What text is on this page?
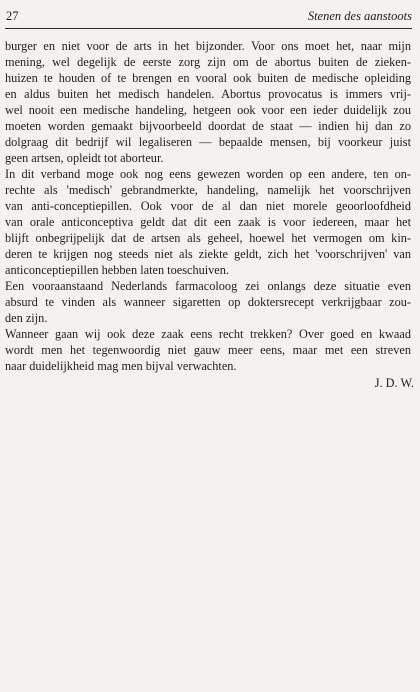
27	Stenen des aanstoots
burger en niet voor de arts in het bijzonder. Voor ons moet het, naar mijn
mening, wel degelijk de eerste zorg zijn om de abortus buiten de zieken-
huizen te houden of te brengen en vooral ook buiten de medische opleiding
en aldus buiten het medisch handelen. Abortus provocatus is immers vrij-
wel nooit een medische handeling, hetgeen ook voor een ieder duidelijk zou
moeten worden gemaakt bijvoorbeeld doordat de staat — indien hij dan zo
dolgraag dit bedrijf wil legaliseren — bepaalde mensen, bij voorkeur juist
geen artsen, opleidt tot aborteur.
In dit verband moge ook nog eens gewezen worden op een andere, ten on-
rechte als 'medisch' gebrandmerkte, handeling, namelijk het voorschrijven
van anti-conceptiepillen. Ook voor de al dan niet morele geoorloofdheid
van orale anticonceptiva geldt dat dit een zaak is voor iedereen, maar het
blijft onbegrijpelijk dat de artsen als geheel, hoewel het vermogen om kin-
deren te krijgen nog steeds niet als ziekte geldt, zich het 'voorschrijven' van
anticonceptiepillen hebben laten toeschuiven.
Een vooraanstaand Nederlands farmacoloog zei onlangs deze situatie even
absurd te vinden als wanneer sigaretten op doktersrecept verkrijgbaar zou-
den zijn.
Wanneer gaan wij ook deze zaak eens recht trekken? Over goed en kwaad
wordt men het tegenwoordig niet gauw meer eens, maar met een streven
naar duidelijkheid mag men bijval verwachten.
J. D. W.
